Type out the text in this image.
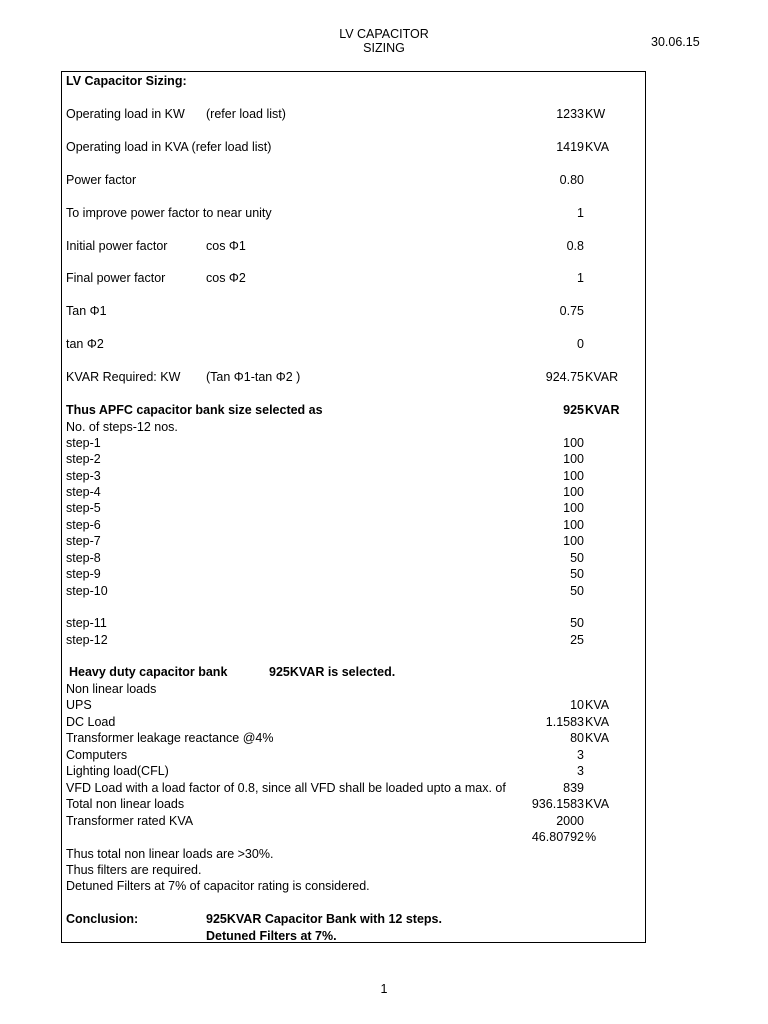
LV CAPACITOR
SIZING	30.06.15
LV Capacitor Sizing:
Operating load in KW (refer load list)	1233 KW
Operating load in KVA (refer load list)	1419 KVA
Power factor	0.80
To improve power factor to near unity	1
Initial power factor	cos Φ1	0.8
Final power factor	cos Φ2	1
Tan Φ1	0.75
tan Φ2	0
KVAR Required: KW (Tan Φ1-tan Φ2 )	924.75 KVAR
Thus APFC capacitor bank size selected as	925 KVAR
No. of steps-12 nos.
step-1	100
step-2	100
step-3	100
step-4	100
step-5	100
step-6	100
step-7	100
step-8	50
step-9	50
step-10	50
step-11	50
step-12	25
Heavy duty capacitor bank	925KVAR is selected.
Non linear loads
UPS	10 KVA
DC Load	1.1583 KVA
Transformer leakage reactance @4%	80 KVA
Computers	3
Lighting load(CFL)	3
VFD Load with a load factor of 0.8, since all VFD shall be loaded upto a max. of	839
Total non linear loads	936.1583 KVA
Transformer rated KVA	2000
46.80792 %
Thus total non linear loads are >30%.
Thus filters are required.
Detuned Filters at 7% of capacitor rating is considered.
Conclusion:	925KVAR Capacitor Bank with 12 steps.
Detuned Filters at 7%.
1
